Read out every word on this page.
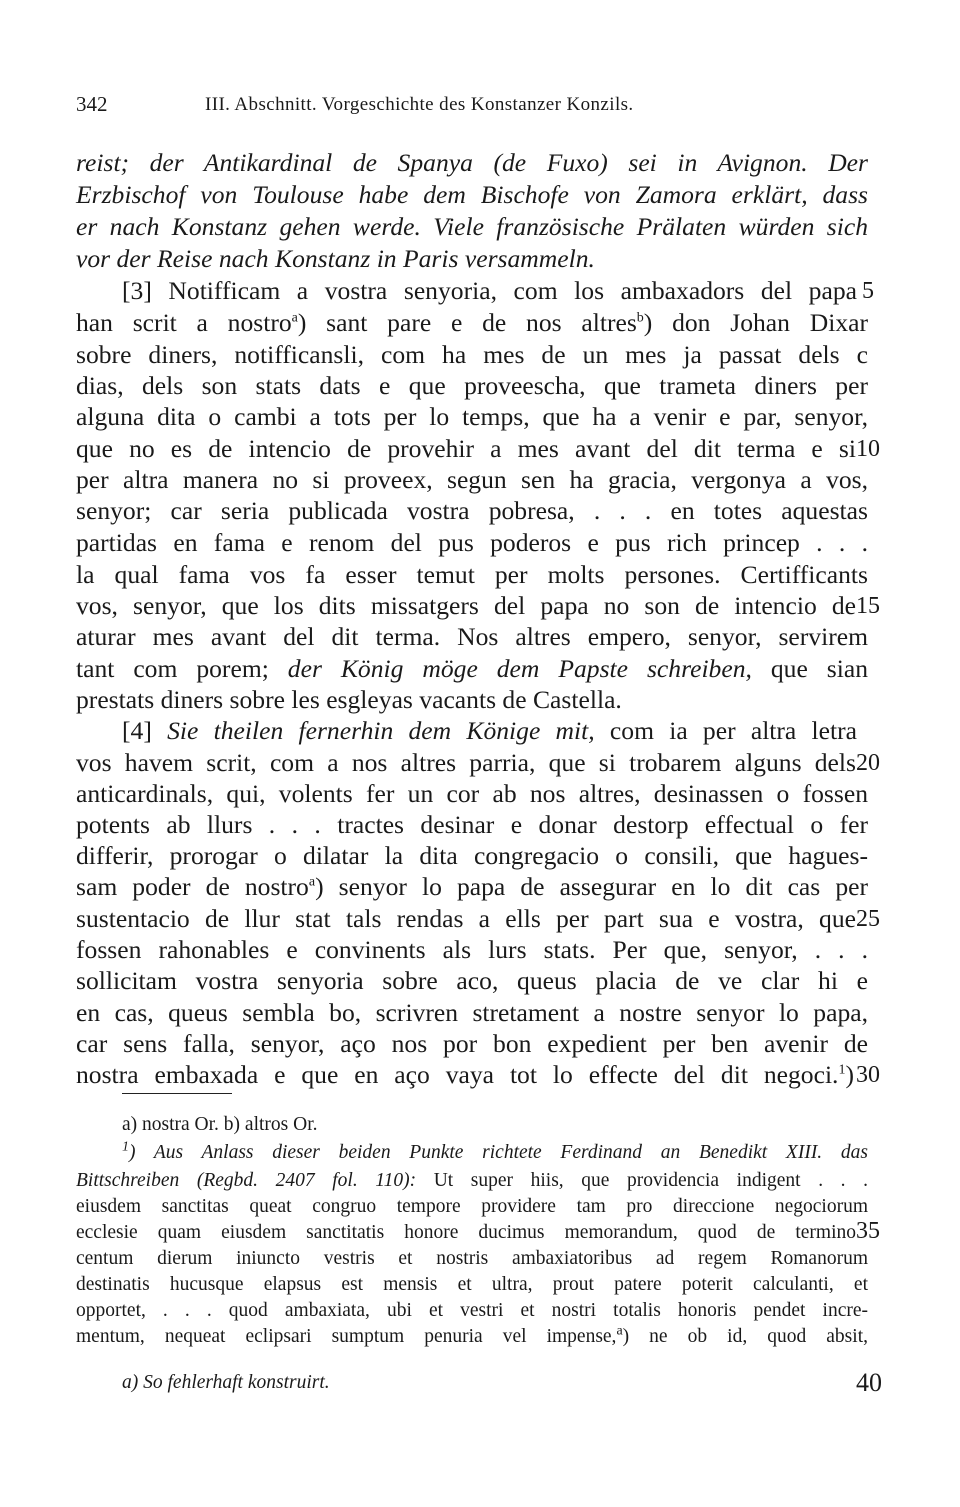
342	III. Abschnitt. Vorgeschichte des Konstanzer Konzils.
reist; der Antikardinal de Spanya (de Fuxo) sei in Avignon. Der
Erzbischof von Toulouse habe dem Bischofe von Zamora erklärt, dass
er nach Konstanz gehen werde. Viele französische Prälaten würden sich
vor der Reise nach Konstanz in Paris versammeln.
[3] Notifficam a vostra senyoria, com los ambaxadors del papa
han scrit a nostro$^a$) sant pare e de nos altres$^b$) don Johan Dixar
sobre diners, notifficansli, com ha mes de un mes ja passat dels c
dias, dels son stats dats e que proveescha, que trameta diners per
alguna dita o cambi a tots per lo temps, que ha a venir e par, senyor,
que no es de intencio de provehir a mes avant del dit terma e si
per altra manera no si proveex, segun sen ha gracia, vergonya a vos,
senyor; car seria publicada vostra pobresa, . . . en totes aquestas
partidas en fama e renom del pus poderos e pus rich princep . . .
la qual fama vos fa esser temut per molts persones. Certifficants
vos, senyor, que los dits missatgers del papa no son de intencio de
aturar mes avant del dit terma. Nos altres empero, senyor, servirem
tant com porem; der König möge dem Papste schreiben, que sian
prestats diners sobre les esgleyas vacants de Castella.
[4] Sie theilen fernerhin dem Könige mit, com ia per altra letra
vos havem scrit, com a nos altres parria, que si trobarem alguns dels
anticardinals, qui, volents fer un cor ab nos altres, desinassen o fossen
potents ab llurs . . . tractes desinar e donar destorp effectual o fer
differir, prorogar o dilatar la dita congregacio o consili, que hagues-
sam poder de nostro$^a$) senyor lo papa de assegurar en lo dit cas per
sustentacio de llur stat tals rendas a ells per part sua e vostra, que
fossen rahonables e convinents als lurs stats. Per que, senyor, . . .
sollicitam vostra senyoria sobre aco, queus placia de ve clar hi e
en cas, queus sembla bo, scrivren stretament a nostre senyor lo papa,
car sens falla, senyor, aço nos por bon expedient per ben avenir de
nostra embaxada e que en aço vaya tot lo effecte del dit negoci.$^1$)
5
10
15
20
25
30
35
a) nostra Or. b) altros Or.
$^1$) Aus Anlass dieser beiden Punkte richtete Ferdinand an Benedikt XIII. das
Bittschreiben (Regbd. 2407 fol. 110): Ut super hiis, que providencia indigent . . .
eiusdem sanctitas queat congruo tempore providere tam pro direccione negociorum
ecclesie quam eiusdem sanctitatis honore ducimus memorandum, quod de termino
centum dierum iniuncto vestris et nostris ambaxiatoribus ad regem Romanorum
destinatis hucusque elapsus est mensis et ultra, prout patere poterit calculanti, et
opportet, . . . quod ambaxiata, ubi et vestri et nostri totalis honoris pendet incre-
mentum, nequeat eclipsari sumptum penuria vel impense,$^a$) ne ob id, quod absit,
a) So fehlerhaft konstruirt.	40
